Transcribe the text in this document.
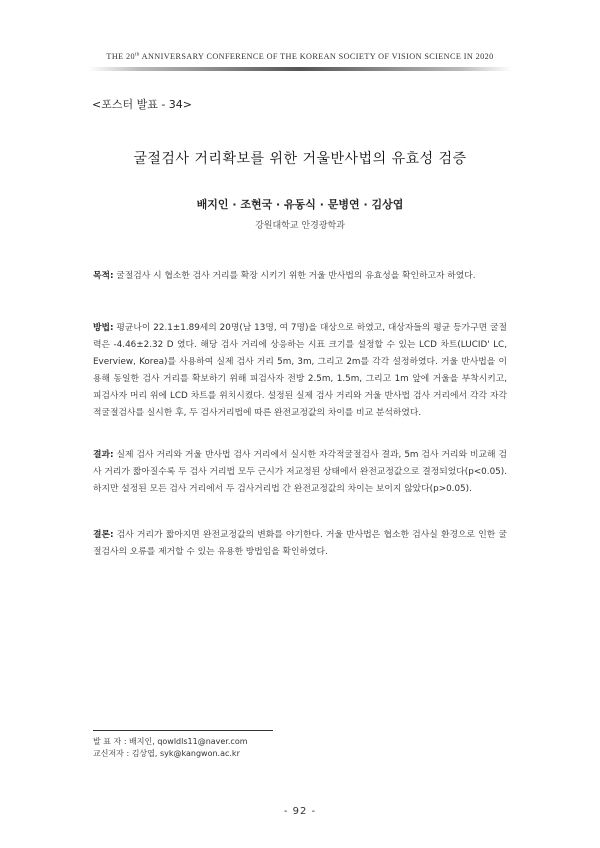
THE 20th ANNIVERSARY CONFERENCE OF THE KOREAN SOCIETY OF VISION SCIENCE IN 2020
<포스터 발표 - 34>
굴절검사 거리확보를 위한 거울반사법의 유효성 검증
배지인 · 조현국 · 유동식 · 문병연 · 김상엽
강원대학교 안경광학과
목적: 굴절검사 시 협소한 검사 거리를 확장 시키기 위한 거울 반사법의 유효성을 확인하고자 하였다.
방법: 평균나이 22.1±1.89세의 20명(남 13명, 여 7명)을 대상으로 하였고, 대상자들의 평균 등가구면 굴절력은 -4.46±2.32 D 였다. 해당 검사 거리에 상응하는 시표 크기를 설정할 수 있는 LCD 차트(LUCID' LC, Everview, Korea)를 사용하여 실제 검사 거리 5m, 3m, 그리고 2m를 각각 설정하였다. 거울 반사법을 이용해 동일한 검사 거리를 확보하기 위해 피검사자 전방 2.5m, 1.5m, 그리고 1m 앞에 거울을 부착시키고, 피검사자 머리 위에 LCD 차트를 위치시켰다. 설정된 실제 검사 거리와 거울 반사법 검사 거리에서 각각 자각적굴절검사를 실시한 후, 두 검사거리법에 따른 완전교정값의 차이를 비교 분석하였다.
결과: 실제 검사 거리와 거울 반사법 검사 거리에서 실시한 자각적굴절검사 결과, 5m 검사 거리와 비교해 검사 거리가 짧아질수록 두 검사 거리법 모두 근시가 저교정된 상태에서 완전교정값으로 결정되었다(p<0.05). 하지만 설정된 모든 검사 거리에서 두 검사거리법 간 완전교정값의 차이는 보이지 않았다(p>0.05).
결론: 검사 거리가 짧아지면 완전교정값의 변화를 야기한다. 거울 반사법은 협소한 검사실 환경으로 인한 굴절검사의 오류를 제거할 수 있는 유용한 방법임을 확인하였다.
발 표 자 : 배지인, qowldls11@naver.com
교신저자 : 김상엽, syk@kangwon.ac.kr
- 92 -
